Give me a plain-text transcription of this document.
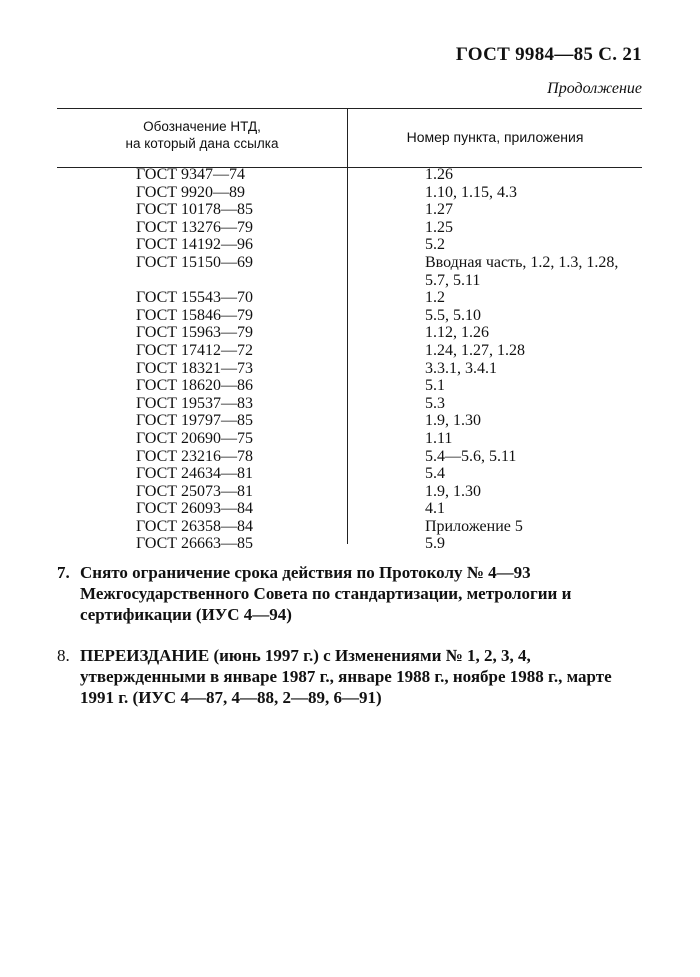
ГОСТ 9984—85 С. 21
Продолжение
Обозначение НТД,
на который дана ссылка	Номер пункта, приложения
ГОСТ 9347—74	1.26
ГОСТ 9920—89	1.10, 1.15, 4.3
ГОСТ 10178—85	1.27
ГОСТ 13276—79	1.25
ГОСТ 14192—96	5.2
ГОСТ 15150—69	Вводная часть, 1.2, 1.3, 1.28, 5.7, 5.11
ГОСТ 15543—70	1.2
ГОСТ 15846—79	5.5, 5.10
ГОСТ 15963—79	1.12, 1.26
ГОСТ 17412—72	1.24, 1.27, 1.28
ГОСТ 18321—73	3.3.1, 3.4.1
ГОСТ 18620—86	5.1
ГОСТ 19537—83	5.3
ГОСТ 19797—85	1.9, 1.30
ГОСТ 20690—75	1.11
ГОСТ 23216—78	5.4—5.6, 5.11
ГОСТ 24634—81	5.4
ГОСТ 25073—81	1.9, 1.30
ГОСТ 26093—84	4.1
ГОСТ 26358—84	Приложение 5
ГОСТ 26663—85	5.9
7. Снято ограничение срока действия по Протоколу № 4—93 Межгосударственного Совета по стандартизации, метрологии и сертификации (ИУС 4—94)
8. ПЕРЕИЗДАНИЕ (июнь 1997 г.) с Изменениями № 1, 2, 3, 4, утвержденными в январе 1987 г., январе 1988 г., ноябре 1988 г., марте 1991 г. (ИУС 4—87, 4—88, 2—89, 6—91)
